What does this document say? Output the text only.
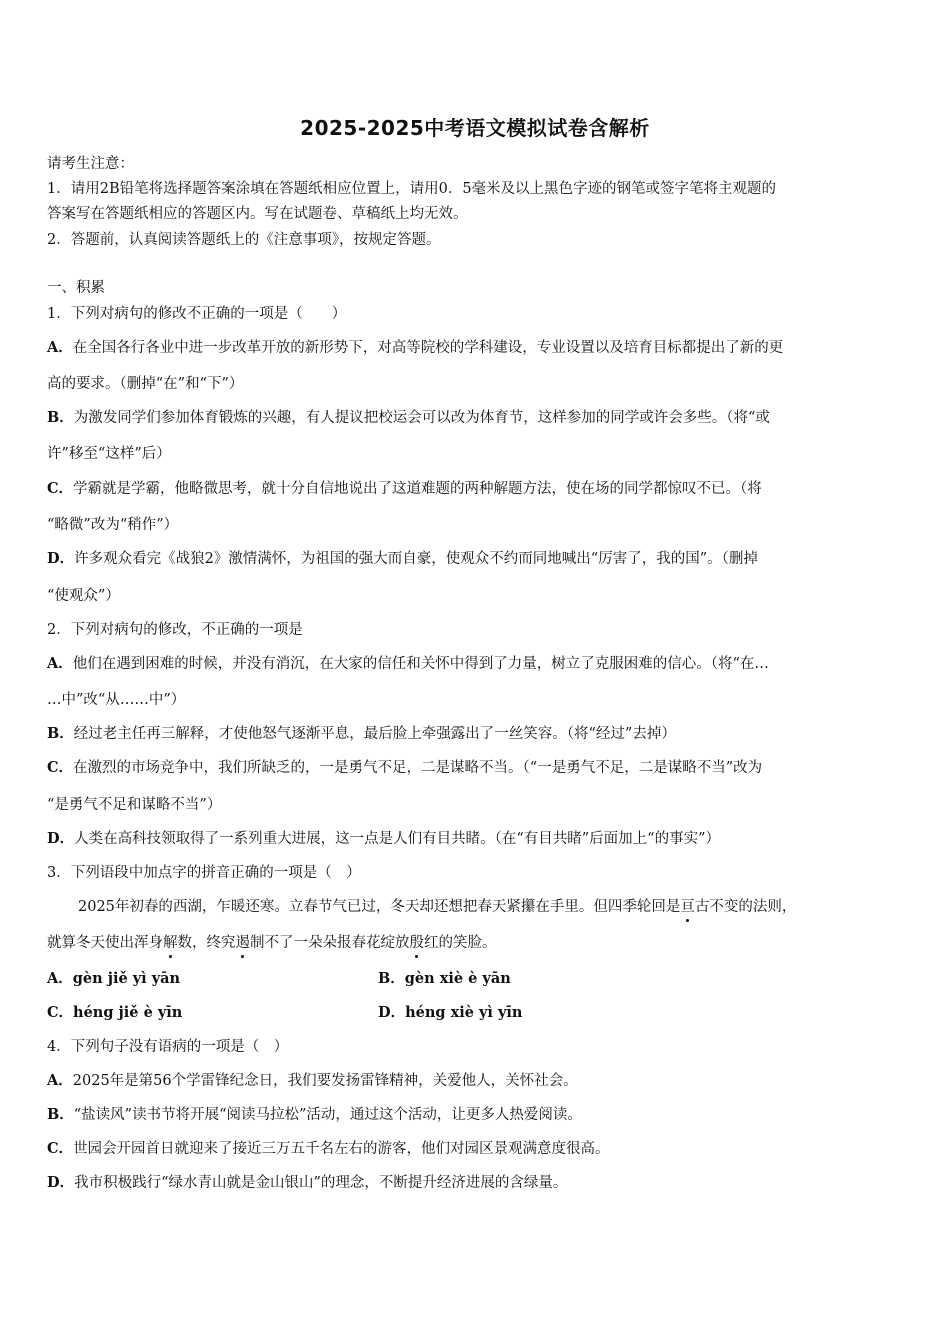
2025-2025中考语文模拟试卷含解析
请考生注意：
1．请用2B铅笔将选择题答案涂填在答题纸相应位置上，请用0．5毫米及以上黑色字迹的钢笔或签字笔将主观题的
答案写在答题纸相应的答题区内。写在试题卷、草稿纸上均无效。
2．答题前，认真阅读答题纸上的《注意事项》，按规定答题。
一、积累
1．下列对病句的修改不正确的一项是（　　）
A．在全国各行各业中进一步改革开放的新形势下，对高等院校的学科建设，专业设置以及培育目标都提出了新的更
高的要求。（删掉“在”和“下”）
B．为激发同学们参加体育锻炼的兴趣，有人提议把校运会可以改为体育节，这样参加的同学或许会多些。（将“或
许”移至“这样”后）
C．学霸就是学霸，他略微思考，就十分自信地说出了这道难题的两种解题方法，使在场的同学都惊叹不已。（将
“略微”改为“稍作”）
D．许多观众看完《战狼2》激情满怀，为祖国的强大而自豪，使观众不约而同地喊出“厉害了，我的国”。（删掉
“使观众”）
2．下列对病句的修改，不正确的一项是
A．他们在遇到困难的时候，并没有消沉，在大家的信任和关怀中得到了力量，树立了克服困难的信心。（将“在…
…中”改“从……中”）
B．经过老主任再三解释，才使他怒气逐渐平息，最后脸上牵强露出了一丝笑容。（将“经过”去掉）
C．在激烈的市场竞争中，我们所缺乏的，一是勇气不足，二是谋略不当。（“一是勇气不足，二是谋略不当”改为
“是勇气不足和谋略不当”）
D．人类在高科技领取得了一系列重大进展，这一点是人们有目共睹。（在“有目共睹”后面加上“的事实”）
3．下列语段中加点字的拼音正确的一项是（　）
2025年初春的西湖，乍暖还寒。立春节气已过，冬天却还想把春天紧攥在手里。但四季轮回是亘古不变的法则，
就算冬天使出浑身解数，终究遏制不了一朵朵报春花绽放殷红的笑脸。
A．gèn jiě yì yān	B．gèn xiè è yān
C．héng jiě è yīn	D．héng xiè yì yīn
4．下列句子没有语病的一项是（　）
A．2025年是第56个学雷锋纪念日，我们要发扬雷锋精神，关爱他人，关怀社会。
B．“盐读风”读书节将开展“阅读马拉松”活动，通过这个活动，让更多人热爱阅读。
C．世园会开园首日就迎来了接近三万五千名左右的游客，他们对园区景观满意度很高。
D．我市积极践行“绿水青山就是金山银山”的理念，不断提升经济进展的含绿量。
